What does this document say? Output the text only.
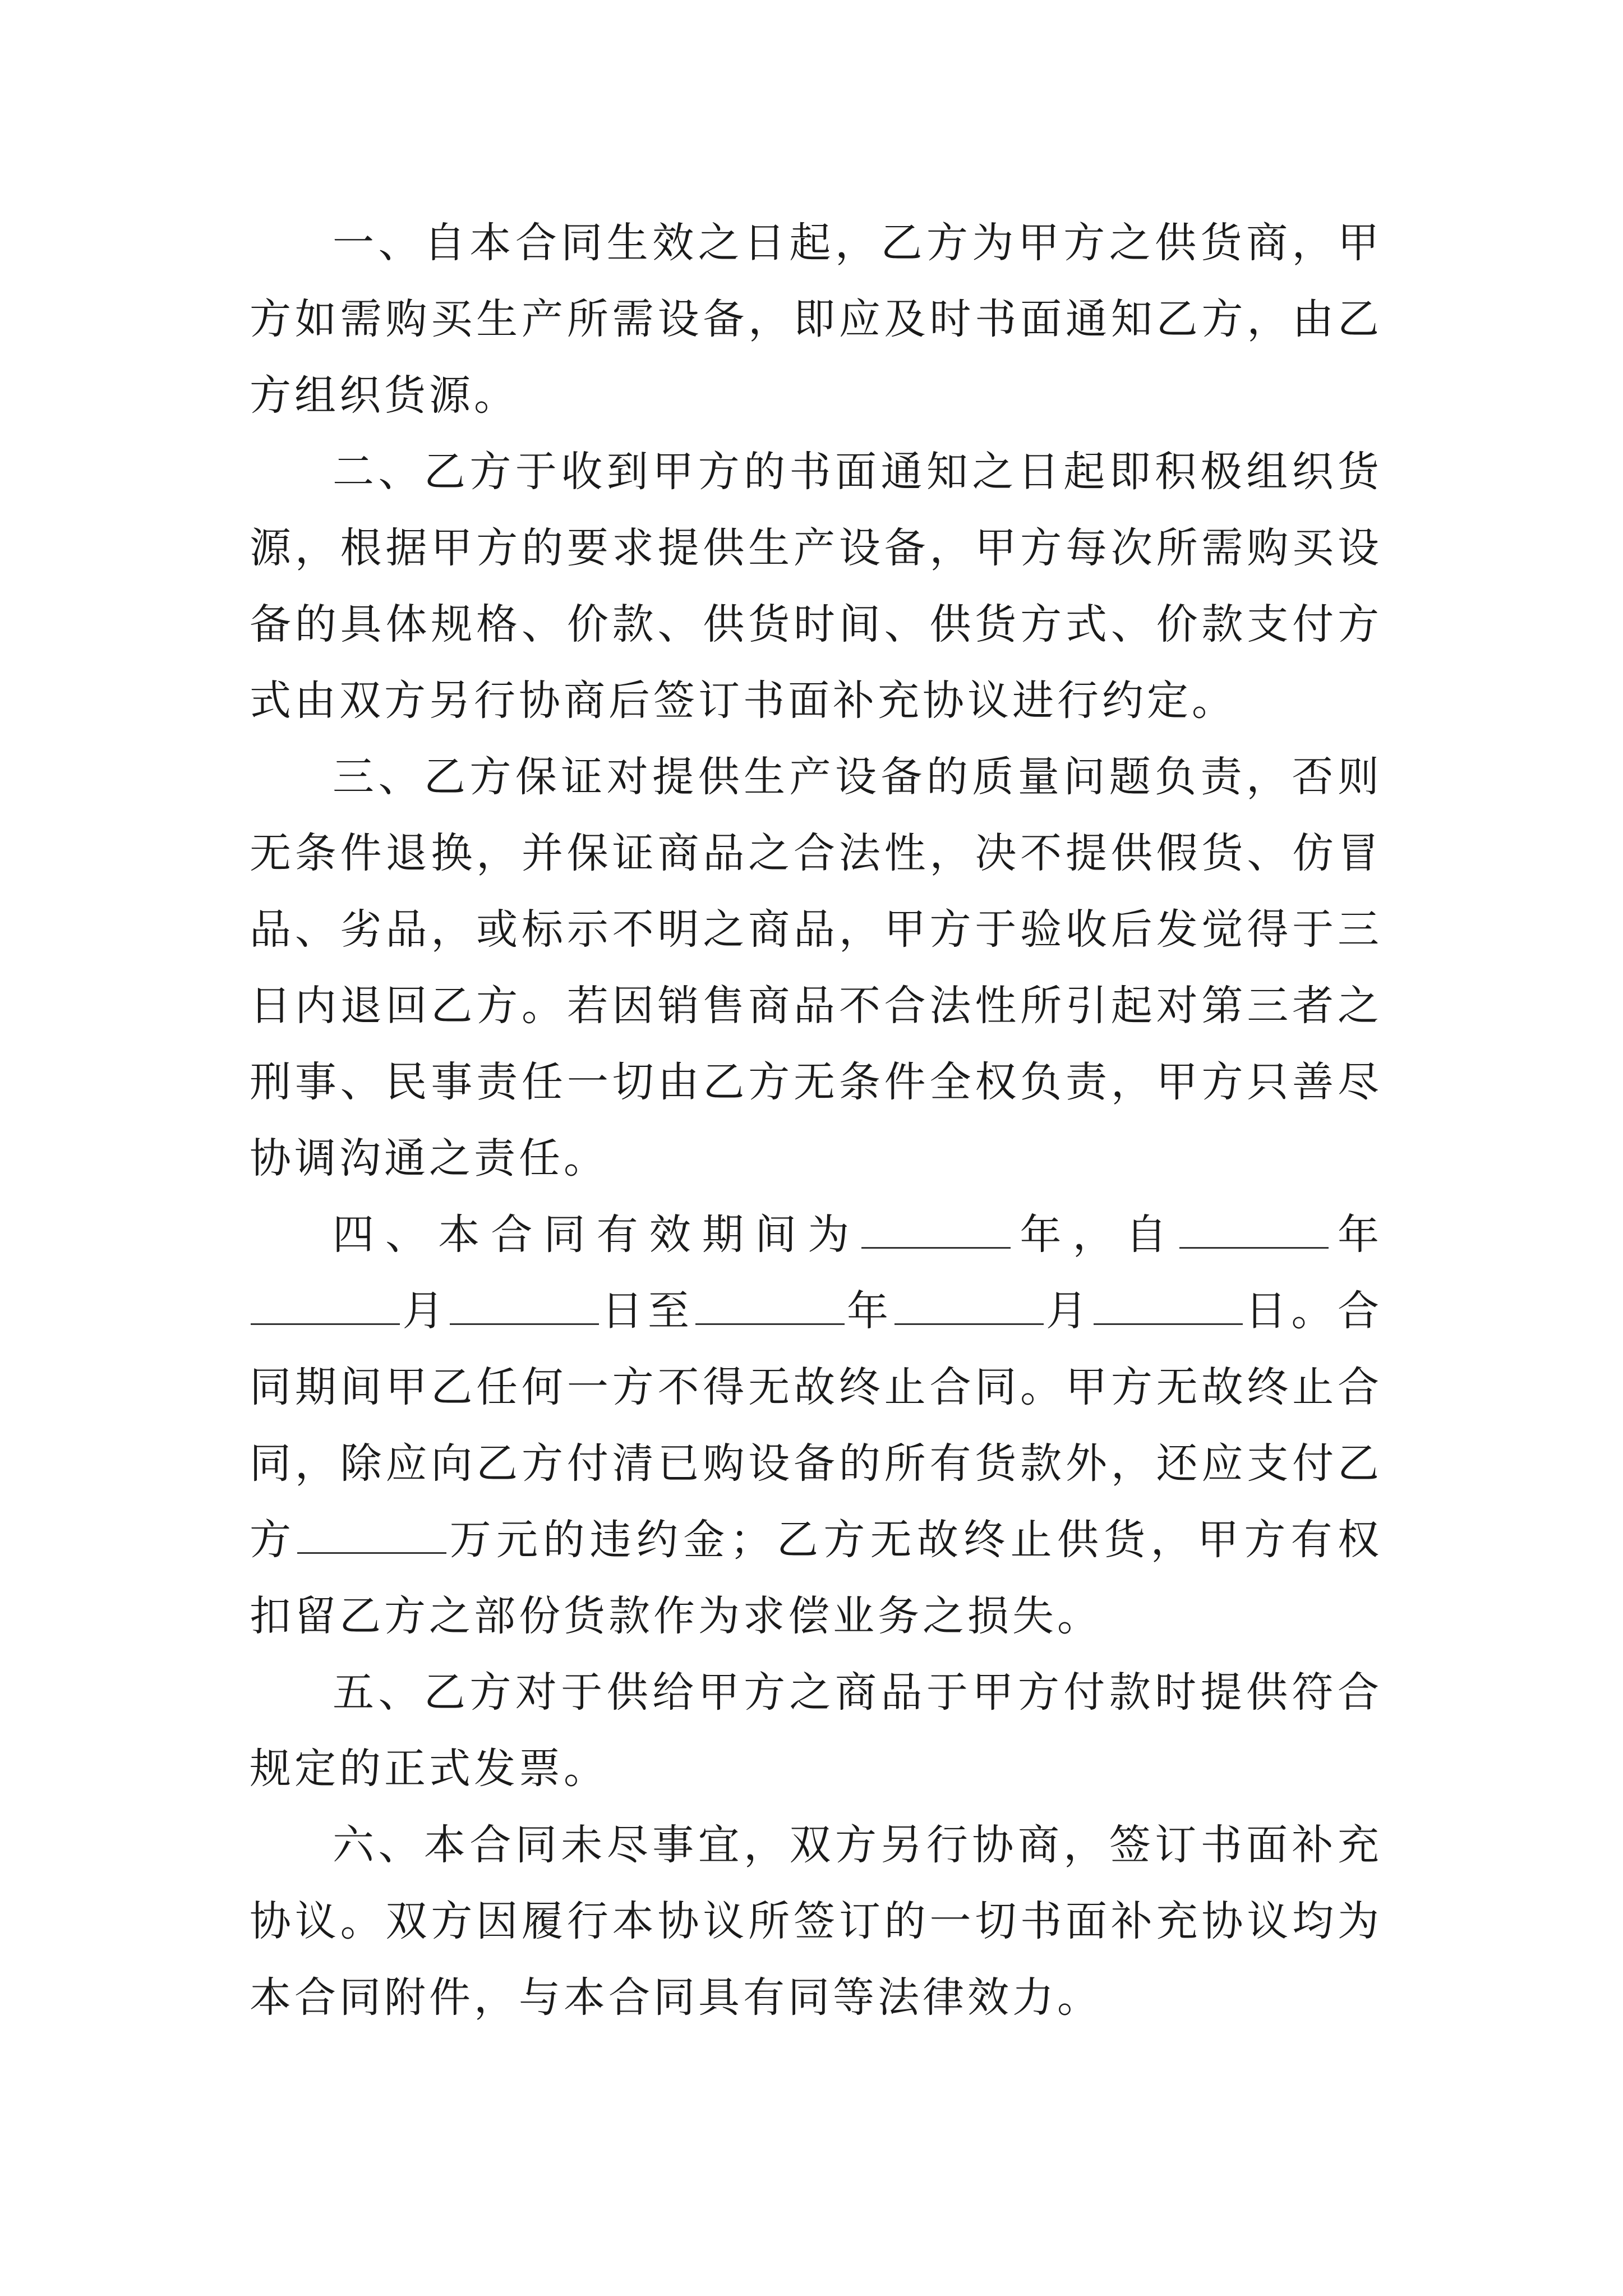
一、自本合同生效之日起，乙方为甲方之供货商，甲方如需购买生产所需设备，即应及时书面通知乙方，由乙方组织货源。

二、乙方于收到甲方的书面通知之日起即积极组织货源，根据甲方的要求提供生产设备，甲方每次所需购买设备的具体规格、价款、供货时间、供货方式、价款支付方式由双方另行协商后签订书面补充协议进行约定。

三、乙方保证对提供生产设备的质量问题负责，否则无条件退换，并保证商品之合法性，决不提供假货、仿冒品、劣品，或标示不明之商品，甲方于验收后发觉得于三日内退回乙方。若因销售商品不合法性所引起对第三者之刑事、民事责任一切由乙方无条件全权负责，甲方只善尽协调沟通之责任。

四、本合同有效期间为	年，自	年月	日至	年	月	日。合同期间甲乙任何一方不得无故终止合同。甲方无故终止合同，除应向乙方付清已购设备的所有货款外，还应支付乙方	万元的违约金；乙方无故终止供货，甲方有权扣留乙方之部份货款作为求偿业务之损失。

五、乙方对于供给甲方之商品于甲方付款时提供符合规定的正式发票。

六、本合同未尽事宜，双方另行协商，签订书面补充协议。双方因履行本协议所签订的一切书面补充协议均为本合同附件，与本合同具有同等法律效力。
